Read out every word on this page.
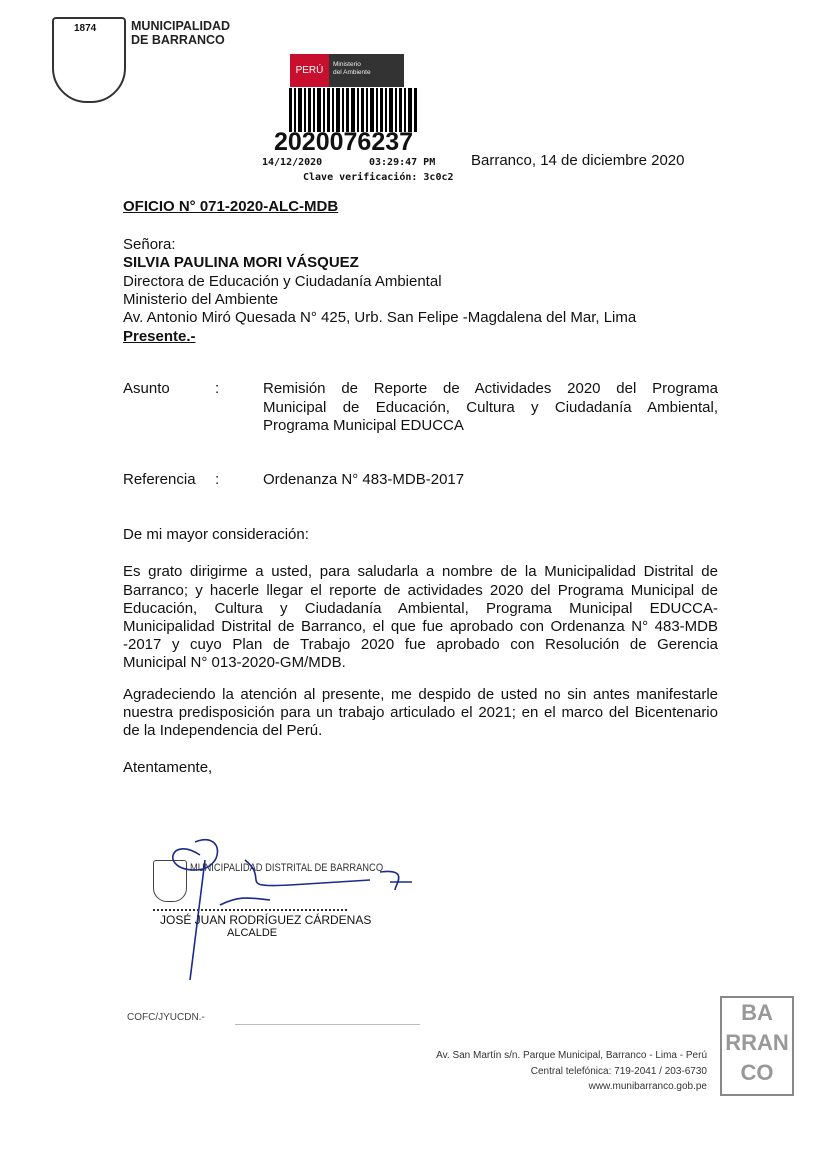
1874	MUNICIPALIDAD
DE BARRANCO
PERÚ
Ministerio
del Ambiente
2020076237
14/12/2020	03:29:47 PM
Clave verificación: 3c0c2
Barranco, 14 de diciembre 2020
OFICIO N° 071-2020-ALC-MDB
Señora:
SILVIA PAULINA MORI VÁSQUEZ
Directora de Educación y Ciudadanía Ambiental
Ministerio del Ambiente
Av. Antonio Miró Quesada N° 425, Urb. San Felipe -Magdalena del Mar, Lima
Presente.-
Asunto	:	Remisión de Reporte de Actividades 2020 del Programa
Municipal de Educación, Cultura y Ciudadanía Ambiental,
Programa Municipal EDUCCA
Referencia :	Ordenanza N° 483-MDB-2017
De mi mayor consideración:
Es grato dirigirme a usted, para saludarla a nombre de la Municipalidad Distrital de
Barranco; y hacerle llegar el reporte de actividades 2020 del Programa Municipal de
Educación, Cultura y Ciudadanía Ambiental, Programa Municipal EDUCCA-
Municipalidad Distrital de Barranco, el que fue aprobado con Ordenanza N° 483-MDB
-2017 y cuyo Plan de Trabajo 2020 fue aprobado con Resolución de Gerencia
Municipal N° 013-2020-GM/MDB.
Agradeciendo la atención al presente, me despido de usted no sin antes manifestarle
nuestra predisposición para un trabajo articulado el 2021; en el marco del Bicentenario
de la Independencia del Perú.
Atentamente,
MUNICIPALIDAD DISTRITAL DE BARRANCO
JOSÉ JUAN RODRÍGUEZ CÁRDENAS
ALCALDE
COFC/JYUCDN.-
Av. San Martín s/n. Parque Municipal, Barranco - Lima - Perú
Central telefónica: 719-2041 / 203-6730
www.munibarranco.gob.pe
BA
RRAN
CO
